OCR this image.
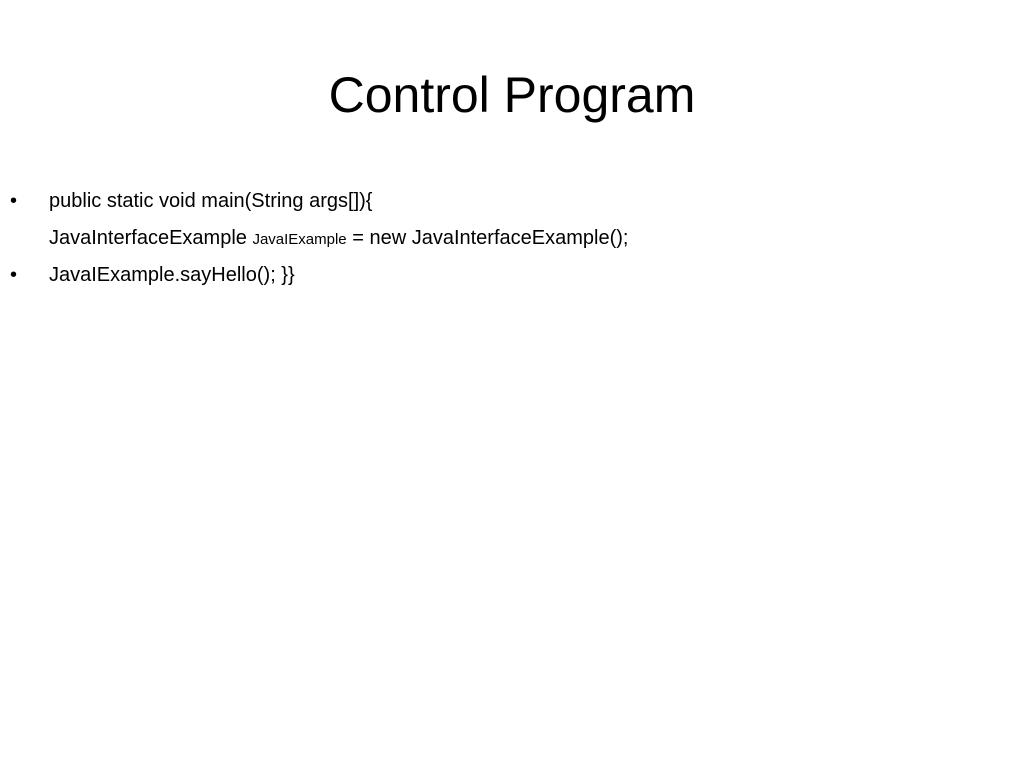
Control Program
• public static void main(String args[]){
JavaInterfaceExample JavaIExample = new JavaInterfaceExample();
• JavaIExample.sayHello(); }}
